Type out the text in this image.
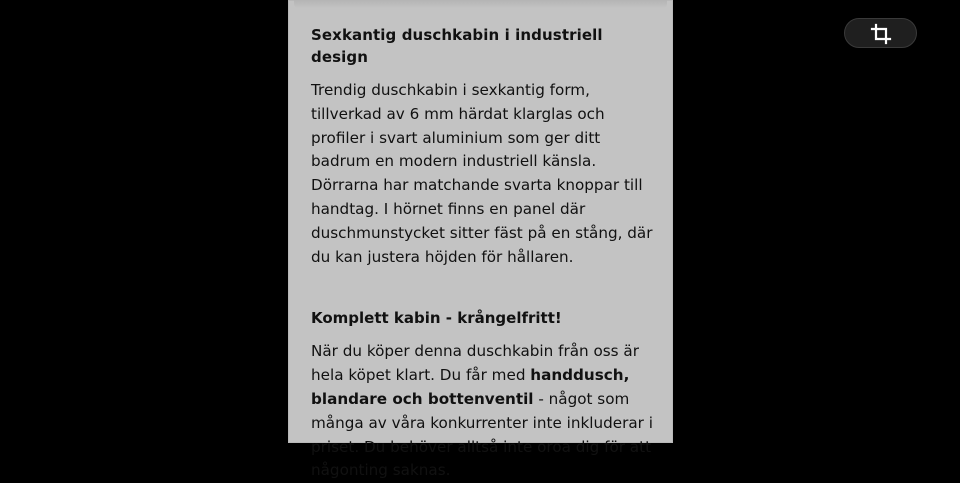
Sexkantig duschkabin i industriell design

Trendig duschkabin i sexkantig form, tillverkad av 6 mm härdat klarglas och profiler i svart aluminium som ger ditt badrum en modern industriell känsla. Dörrarna har matchande svarta knoppar till handtag. I hörnet finns en panel där duschmunstycket sitter fäst på en stång, där du kan justera höjden för hållaren.

Komplett kabin - krångelfritt!

När du köper denna duschkabin från oss är hela köpet klart. Du får med handdusch, blandare och bottenventil - något som många av våra konkurrenter inte inkluderar i priset. Du behöver alltså inte oroa dig för att någonting saknas.
